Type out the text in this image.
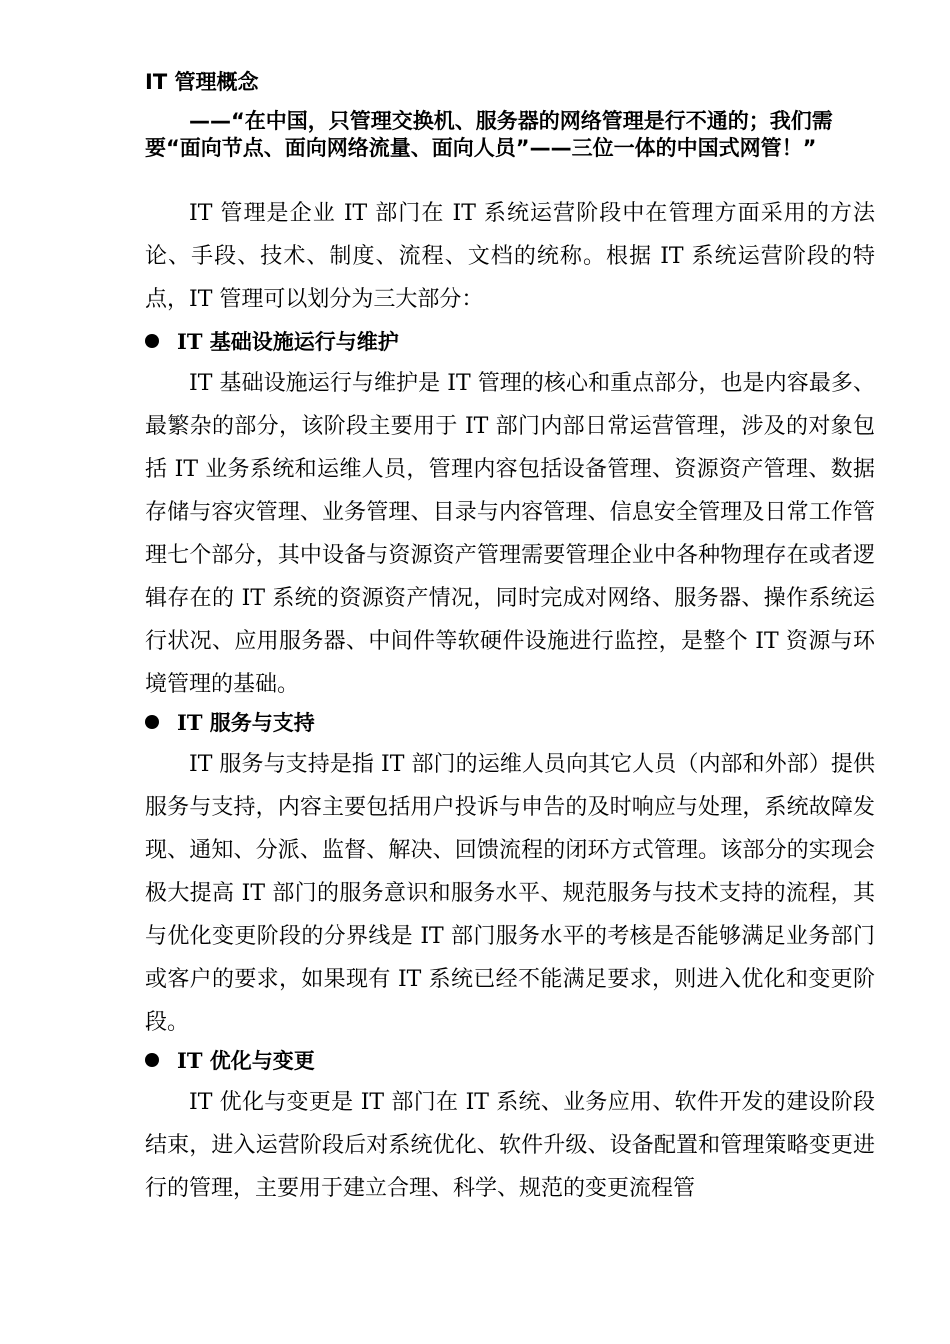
IT 管理概念

——“在中国，只管理交换机、服务器的网络管理是行不通的；我们需要“面向节点、面向网络流量、面向人员”——三位一体的中国式网管！”

IT 管理是企业 IT 部门在 IT 系统运营阶段中在管理方面采用的方法论、手段、技术、制度、流程、文档的统称。根据 IT 系统运营阶段的特点，IT 管理可以划分为三大部分：

IT 基础设施运行与维护

IT 基础设施运行与维护是 IT 管理的核心和重点部分，也是内容最多、最繁杂的部分，该阶段主要用于 IT 部门内部日常运营管理，涉及的对象包括 IT 业务系统和运维人员，管理内容包括设备管理、资源资产管理、数据存储与容灾管理、业务管理、目录与内容管理、信息安全管理及日常工作管理七个部分，其中设备与资源资产管理需要管理企业中各种物理存在或者逻辑存在的 IT 系统的资源资产情况，同时完成对网络、服务器、操作系统运行状况、应用服务器、中间件等软硬件设施进行监控，是整个 IT 资源与环境管理的基础。

IT 服务与支持

IT 服务与支持是指 IT 部门的运维人员向其它人员（内部和外部）提供服务与支持，内容主要包括用户投诉与申告的及时响应与处理，系统故障发现、通知、分派、监督、解决、回馈流程的闭环方式管理。该部分的实现会极大提高 IT 部门的服务意识和服务水平、规范服务与技术支持的流程，其与优化变更阶段的分界线是 IT 部门服务水平的考核是否能够满足业务部门或客户的要求，如果现有 IT 系统已经不能满足要求，则进入优化和变更阶段。

IT 优化与变更

IT 优化与变更是 IT 部门在 IT 系统、业务应用、软件开发的建设阶段结束，进入运营阶段后对系统优化、软件升级、设备配置和管理策略变更进行的管理，主要用于建立合理、科学、规范的变更流程管
